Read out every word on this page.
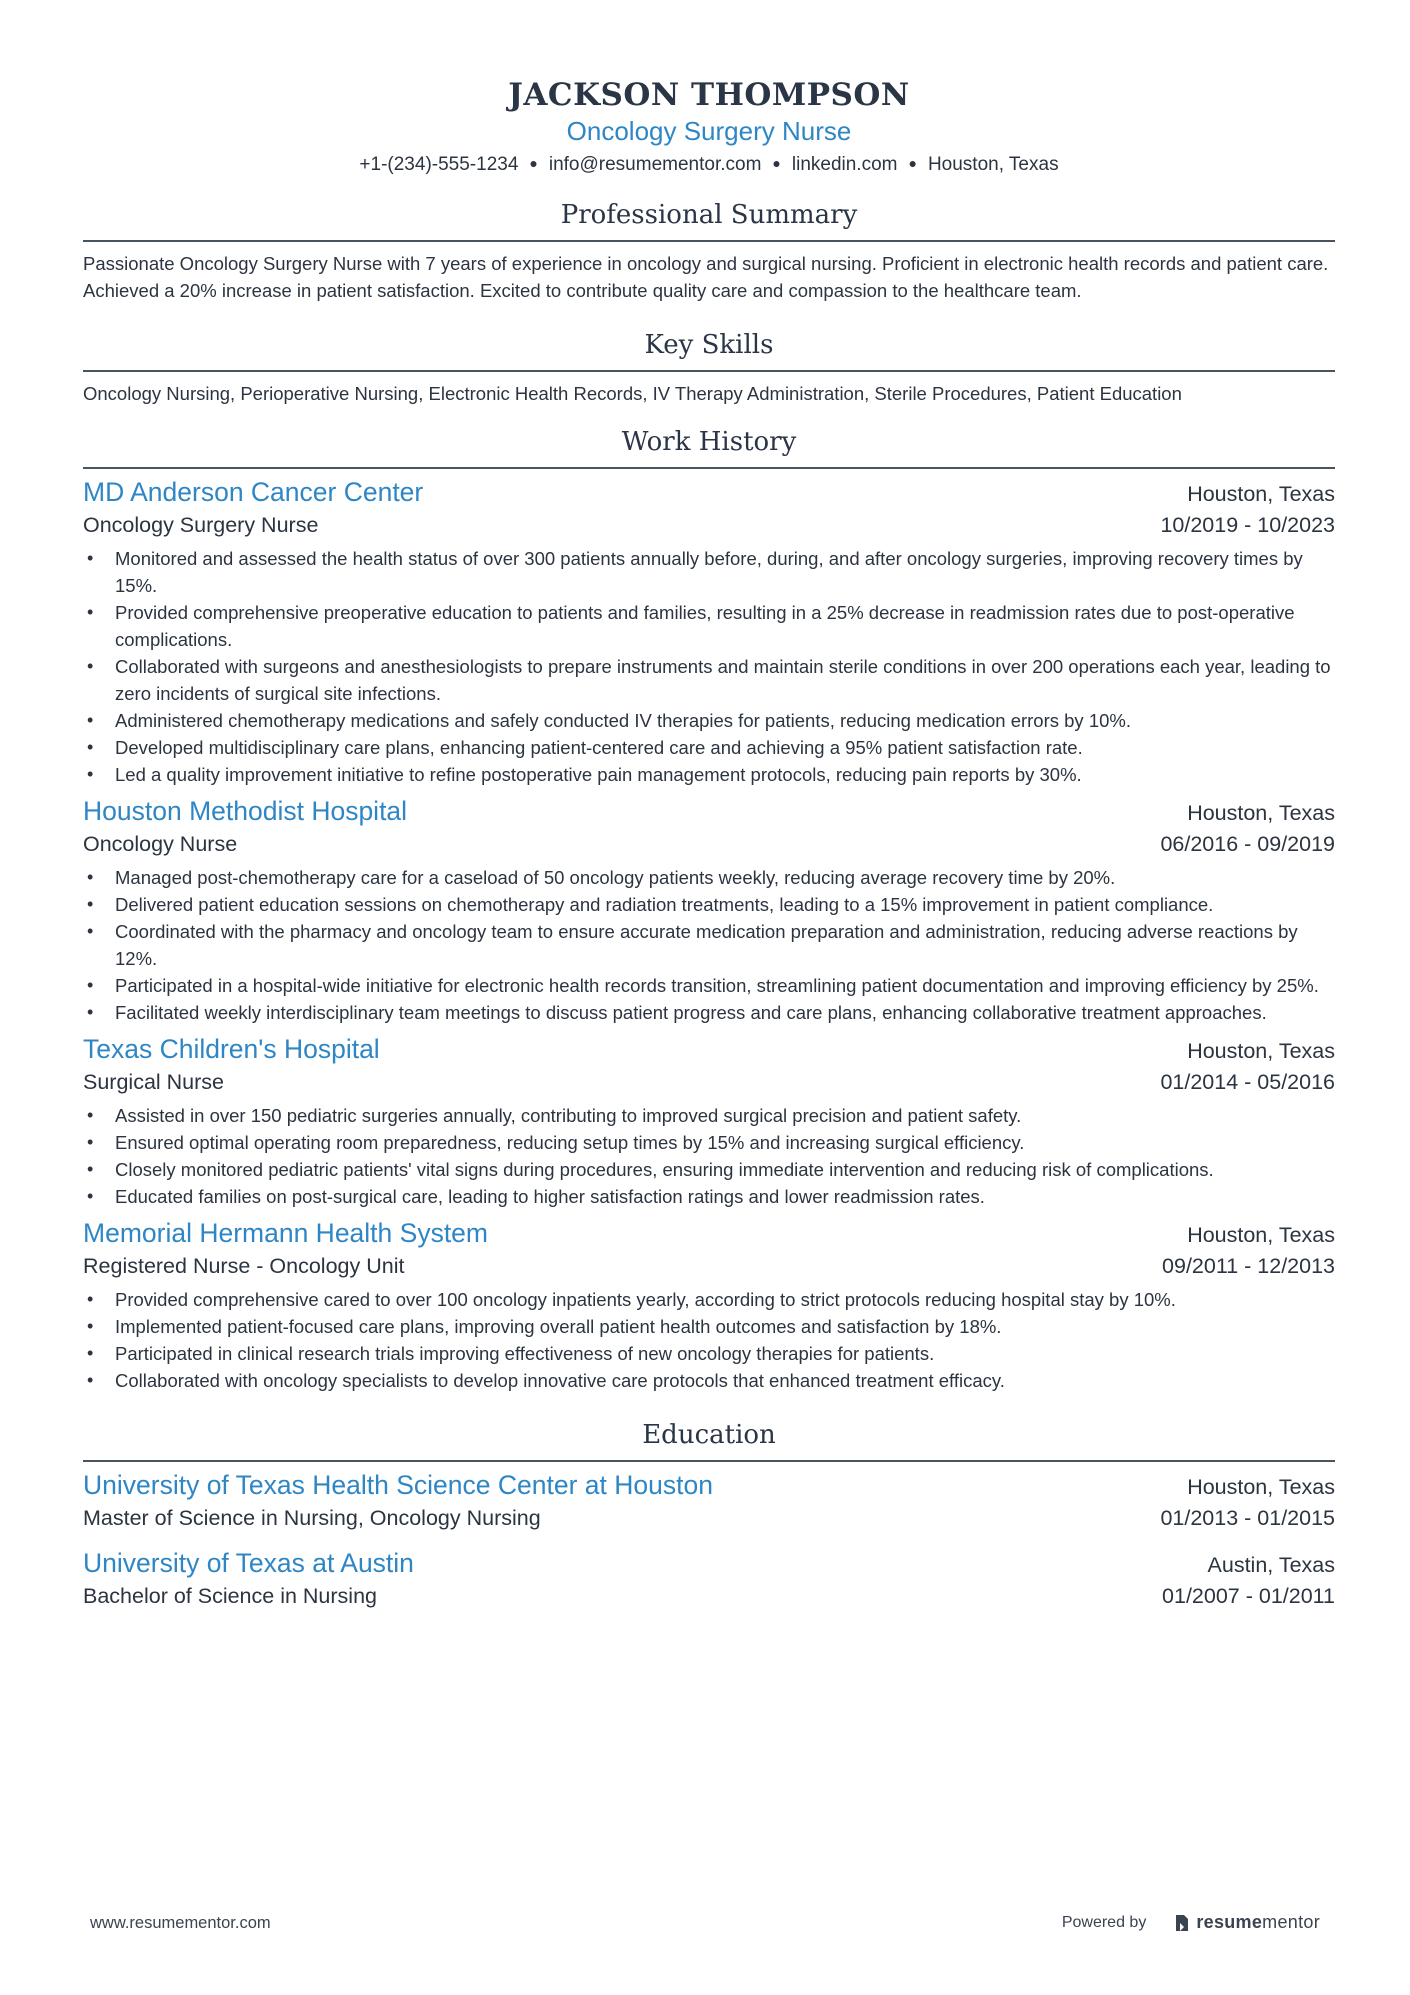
JACKSON THOMPSON
Oncology Surgery Nurse
+1-(234)-555-1234 ● info@resumementor.com ● linkedin.com ● Houston, Texas
Professional Summary
Passionate Oncology Surgery Nurse with 7 years of experience in oncology and surgical nursing. Proficient in electronic health records and patient care. Achieved a 20% increase in patient satisfaction. Excited to contribute quality care and compassion to the healthcare team.
Key Skills
Oncology Nursing, Perioperative Nursing, Electronic Health Records, IV Therapy Administration, Sterile Procedures, Patient Education
Work History
MD Anderson Cancer Center	Houston, Texas
Oncology Surgery Nurse	10/2019 - 10/2023
• Monitored and assessed the health status of over 300 patients annually before, during, and after oncology surgeries, improving recovery times by 15%.
• Provided comprehensive preoperative education to patients and families, resulting in a 25% decrease in readmission rates due to post-operative complications.
• Collaborated with surgeons and anesthesiologists to prepare instruments and maintain sterile conditions in over 200 operations each year, leading to zero incidents of surgical site infections.
• Administered chemotherapy medications and safely conducted IV therapies for patients, reducing medication errors by 10%.
• Developed multidisciplinary care plans, enhancing patient-centered care and achieving a 95% patient satisfaction rate.
• Led a quality improvement initiative to refine postoperative pain management protocols, reducing pain reports by 30%.
Houston Methodist Hospital	Houston, Texas
Oncology Nurse	06/2016 - 09/2019
• Managed post-chemotherapy care for a caseload of 50 oncology patients weekly, reducing average recovery time by 20%.
• Delivered patient education sessions on chemotherapy and radiation treatments, leading to a 15% improvement in patient compliance.
• Coordinated with the pharmacy and oncology team to ensure accurate medication preparation and administration, reducing adverse reactions by 12%.
• Participated in a hospital-wide initiative for electronic health records transition, streamlining patient documentation and improving efficiency by 25%.
• Facilitated weekly interdisciplinary team meetings to discuss patient progress and care plans, enhancing collaborative treatment approaches.
Texas Children's Hospital	Houston, Texas
Surgical Nurse	01/2014 - 05/2016
• Assisted in over 150 pediatric surgeries annually, contributing to improved surgical precision and patient safety.
• Ensured optimal operating room preparedness, reducing setup times by 15% and increasing surgical efficiency.
• Closely monitored pediatric patients' vital signs during procedures, ensuring immediate intervention and reducing risk of complications.
• Educated families on post-surgical care, leading to higher satisfaction ratings and lower readmission rates.
Memorial Hermann Health System	Houston, Texas
Registered Nurse - Oncology Unit	09/2011 - 12/2013
• Provided comprehensive cared to over 100 oncology inpatients yearly, according to strict protocols reducing hospital stay by 10%.
• Implemented patient-focused care plans, improving overall patient health outcomes and satisfaction by 18%.
• Participated in clinical research trials improving effectiveness of new oncology therapies for patients.
• Collaborated with oncology specialists to develop innovative care protocols that enhanced treatment efficacy.
Education
University of Texas Health Science Center at Houston	Houston, Texas
Master of Science in Nursing, Oncology Nursing	01/2013 - 01/2015
University of Texas at Austin	Austin, Texas
Bachelor of Science in Nursing	01/2007 - 01/2011
www.resumementor.com	Powered by	resumementor
